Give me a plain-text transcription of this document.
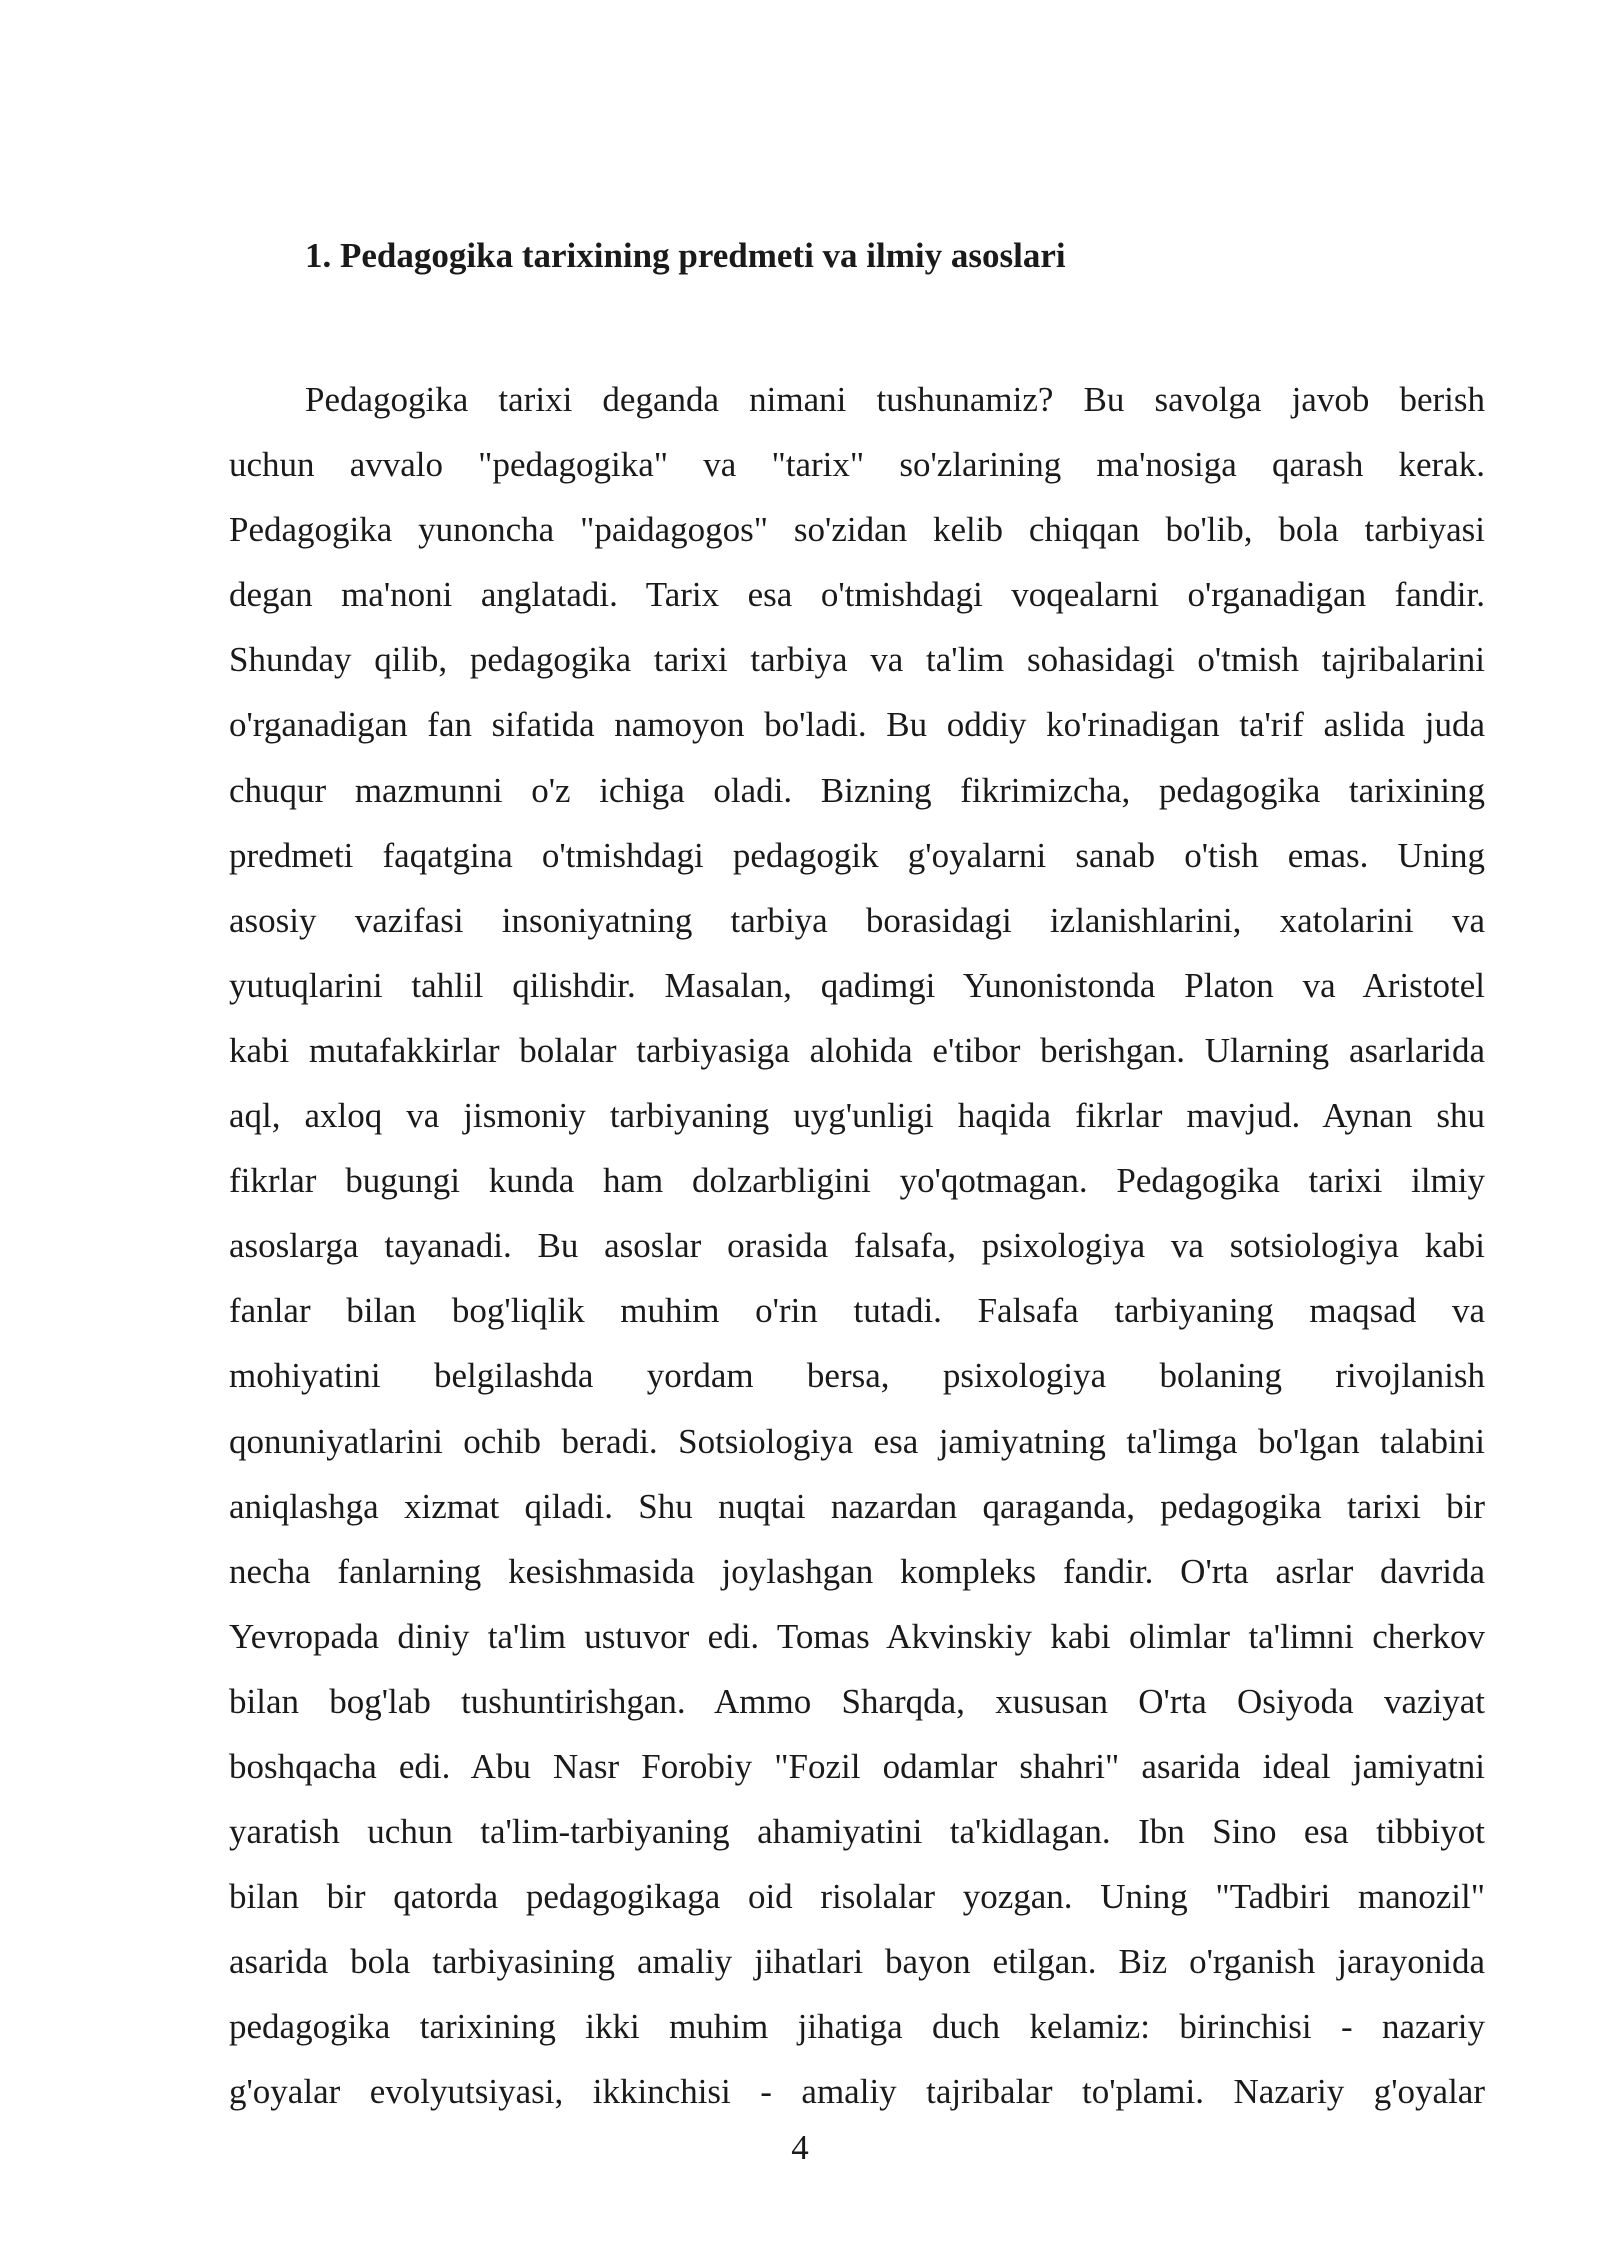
1. Pedagogika tarixining predmeti va ilmiy asoslari
Pedagogika tarixi deganda nimani tushunamiz? Bu savolga javob berish
uchun avvalo "pedagogika" va "tarix" so'zlarining ma'nosiga qarash kerak.
Pedagogika yunoncha "paidagogos" so'zidan kelib chiqqan bo'lib, bola tarbiyasi
degan ma'noni anglatadi. Tarix esa o'tmishdagi voqealarni o'rganadigan fandir.
Shunday qilib, pedagogika tarixi tarbiya va ta'lim sohasidagi o'tmish tajribalarini
o'rganadigan fan sifatida namoyon bo'ladi. Bu oddiy ko'rinadigan ta'rif aslida juda
chuqur mazmunni o'z ichiga oladi. Bizning fikrimizcha, pedagogika tarixining
predmeti faqatgina o'tmishdagi pedagogik g'oyalarni sanab o'tish emas. Uning
asosiy vazifasi insoniyatning tarbiya borasidagi izlanishlarini, xatolarini va
yutuqlarini tahlil qilishdir. Masalan, qadimgi Yunonistonda Platon va Aristotel
kabi mutafakkirlar bolalar tarbiyasiga alohida e'tibor berishgan. Ularning asarlarida
aql, axloq va jismoniy tarbiyaning uyg'unligi haqida fikrlar mavjud. Aynan shu
fikrlar bugungi kunda ham dolzarbligini yo'qotmagan. Pedagogika tarixi ilmiy
asoslarga tayanadi. Bu asoslar orasida falsafa, psixologiya va sotsiologiya kabi
fanlar bilan bog'liqlik muhim o'rin tutadi. Falsafa tarbiyaning maqsad va
mohiyatini belgilashda yordam bersa, psixologiya bolaning rivojlanish
qonuniyatlarini ochib beradi. Sotsiologiya esa jamiyatning ta'limga bo'lgan talabini
aniqlashga xizmat qiladi. Shu nuqtai nazardan qaraganda, pedagogika tarixi bir
necha fanlarning kesishmasida joylashgan kompleks fandir. O'rta asrlar davrida
Yevropada diniy ta'lim ustuvor edi. Tomas Akvinskiy kabi olimlar ta'limni cherkov
bilan bog'lab tushuntirishgan. Ammo Sharqda, xususan O'rta Osiyoda vaziyat
boshqacha edi. Abu Nasr Forobiy "Fozil odamlar shahri" asarida ideal jamiyatni
yaratish uchun ta'lim-tarbiyaning ahamiyatini ta'kidlagan. Ibn Sino esa tibbiyot
bilan bir qatorda pedagogikaga oid risolalar yozgan. Uning "Tadbiri manozil"
asarida bola tarbiyasining amaliy jihatlari bayon etilgan. Biz o'rganish jarayonida
pedagogika tarixining ikki muhim jihatiga duch kelamiz: birinchisi - nazariy
g'oyalar evolyutsiyasi, ikkinchisi - amaliy tajribalar to'plami. Nazariy g'oyalar
4
